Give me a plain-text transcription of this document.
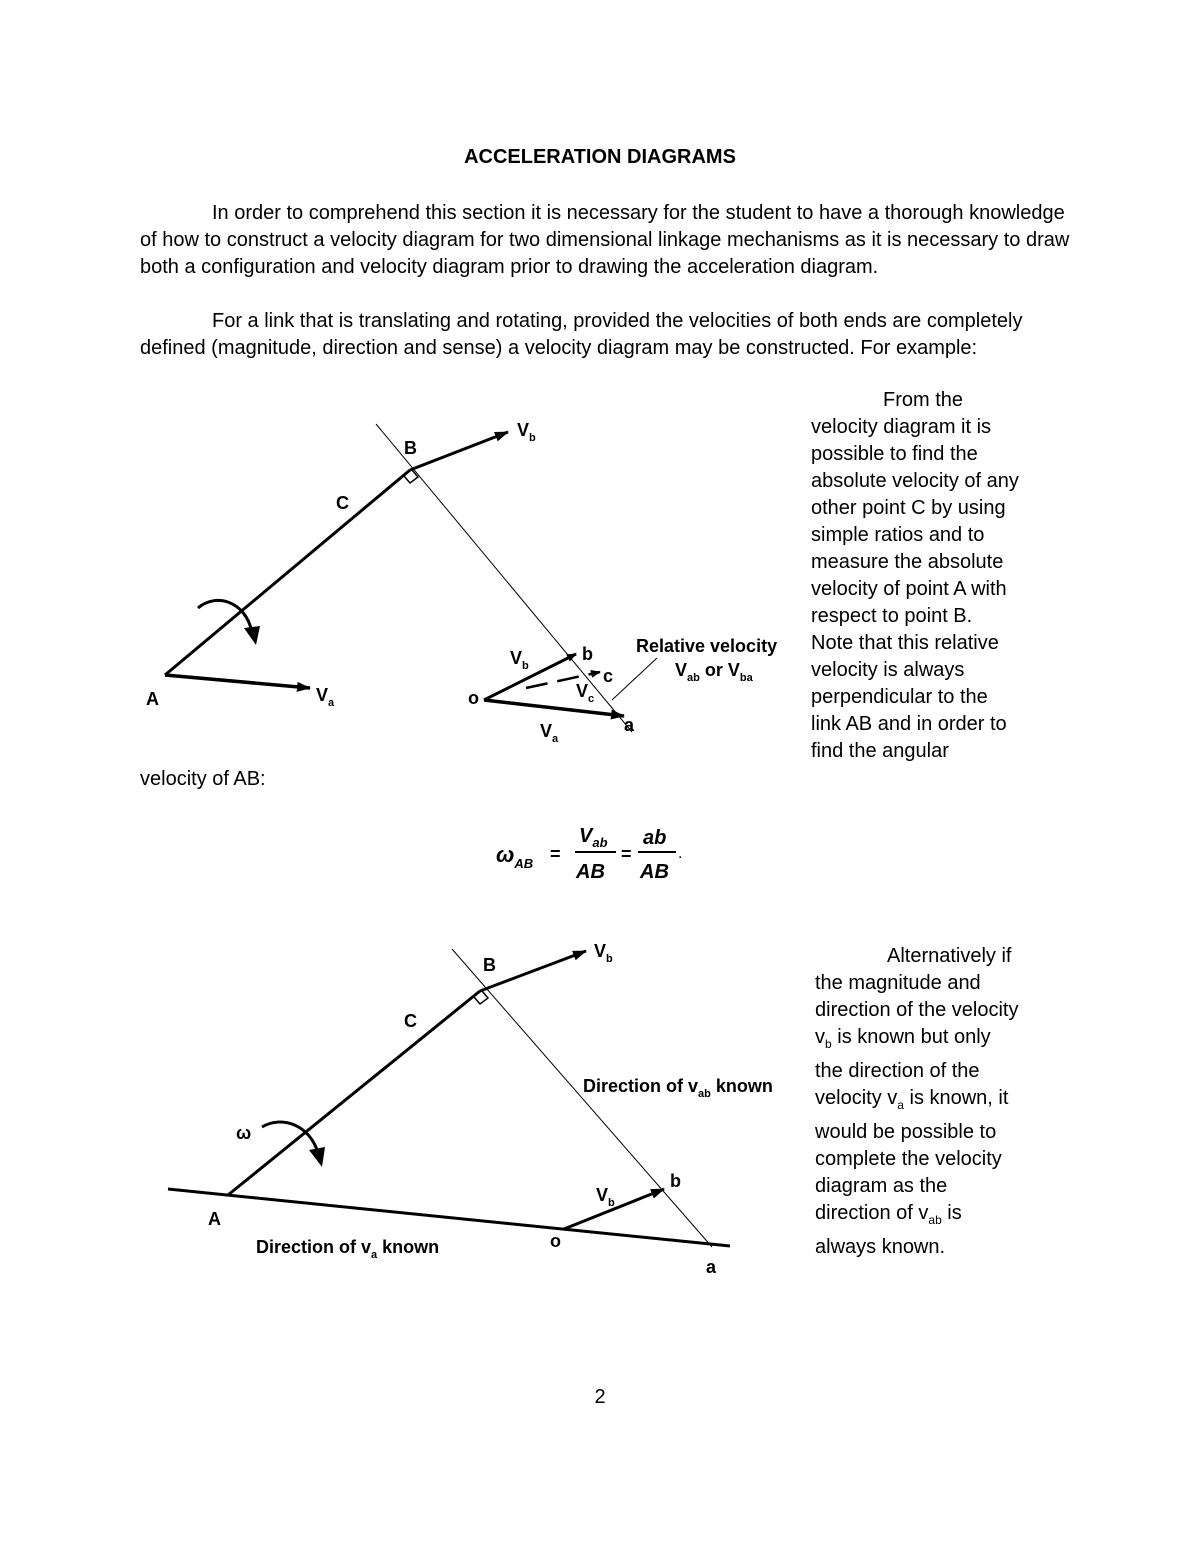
ACCELERATION DIAGRAMS

In order to comprehend this section it is necessary for the student to have a thorough knowledge of how to construct a velocity diagram for two dimensional linkage mechanisms as it is necessary to draw both a configuration and velocity diagram prior to drawing the acceleration diagram.

For a link that is translating and rotating, provided the velocities of both ends are completely defined (magnitude, direction and sense) a velocity diagram may be constructed. For example:

From the
velocity diagram it is
possible to find the
absolute velocity of any
other point C by using
simple ratios and to
measure the absolute
velocity of point A with
respect to point B.
Note that this relative
velocity is always
perpendicular to the
link AB and in order to
find the angular
B
C
A
$V_b$
$V_a$	o
b
c
a
$V_b$
$V_c$
$V_a$
Relative velocity
$V_{ab}$ or $V_{ba}$
velocity of AB:
$\omega_{AB}$ =
$V_{ab}$
AB
=
ab
AB
.
Alternatively if
the magnitude and
direction of the velocity
$v_b$ is known but only
the direction of the
velocity $v_a$ is known, it
would be possible to
complete the velocity
diagram as the
direction of $v_{ab}$ is
always known.
B
C
A
ω
$V_b$
Direction of $v_{ab}$ known
Direction of $v_a$ known
$V_b$
b
o
a
2
